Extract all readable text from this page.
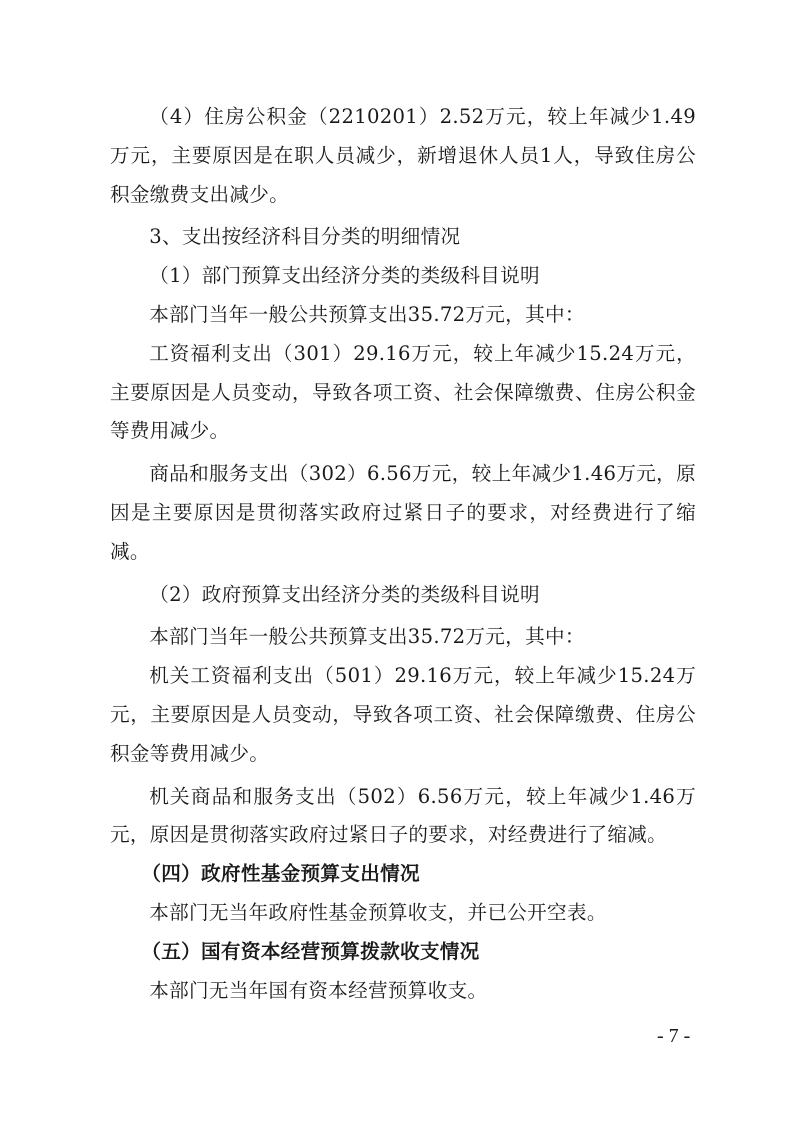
（4）住房公积金（2210201）2.52万元，较上年减少1.49万元，主要原因是在职人员减少，新增退休人员1人，导致住房公积金缴费支出减少。

3、支出按经济科目分类的明细情况

（1）部门预算支出经济分类的类级科目说明

本部门当年一般公共预算支出35.72万元，其中：

工资福利支出（301）29.16万元，较上年减少15.24万元，主要原因是人员变动，导致各项工资、社会保障缴费、住房公积金等费用减少。

商品和服务支出（302）6.56万元，较上年减少1.46万元，原因是主要原因是贯彻落实政府过紧日子的要求，对经费进行了缩减。

（2）政府预算支出经济分类的类级科目说明

本部门当年一般公共预算支出35.72万元，其中：

机关工资福利支出（501）29.16万元，较上年减少15.24万元，主要原因是人员变动，导致各项工资、社会保障缴费、住房公积金等费用减少。

机关商品和服务支出（502）6.56万元，较上年减少1.46万元，原因是贯彻落实政府过紧日子的要求，对经费进行了缩减。

（四）政府性基金预算支出情况

本部门无当年政府性基金预算收支，并已公开空表。

（五）国有资本经营预算拨款收支情况

本部门无当年国有资本经营预算收支。

- 7 -
